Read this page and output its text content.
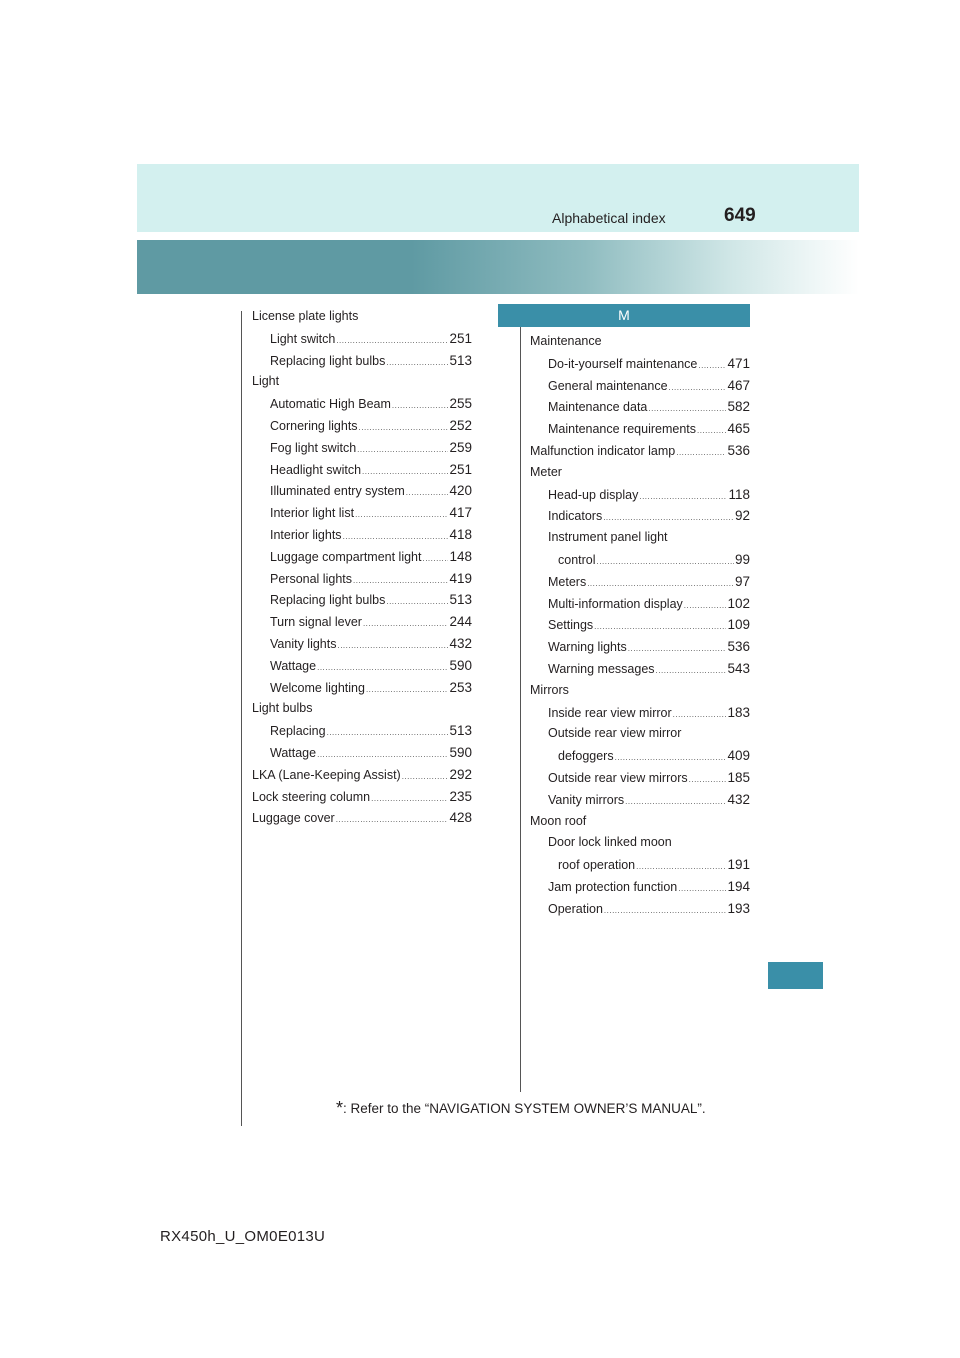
Alphabetical index	649
License plate lights
Light switch .....	251
Replacing light bulbs .....	513
Light
Automatic High Beam .....	255
Cornering lights .....	252
Fog light switch .....	259
Headlight switch .....	251
Illuminated entry system .....	420
Interior light list .....	417
Interior lights .....	418
Luggage compartment light ..... 148
Personal lights .....	419
Replacing light bulbs .....	513
Turn signal lever .....	244
Vanity lights .....	432
Wattage .....	590
Welcome lighting .....	253
Light bulbs
Replacing .....	513
Wattage .....	590
LKA (Lane-Keeping Assist) .....	292
Lock steering column .....	235
Luggage cover .....	428
M
Maintenance
Do-it-yourself maintenance ..... 471
General maintenance .....	467
Maintenance data .....	582
Maintenance requirements ..... 465
Malfunction indicator lamp .....	536
Meter
Head-up display .....	118
Indicators .....	92
Instrument panel light
control .....	99
Meters .....	97
Multi-information display .....	102
Settings .....	109
Warning lights .....	536
Warning messages .....	543
Mirrors
Inside rear view mirror .....	183
Outside rear view mirror
defoggers .....	409
Outside rear view mirrors .....	185
Vanity mirrors .....	432
Moon roof
Door lock linked moon
roof operation .....	191
Jam protection function .....	194
Operation .....	193
*: Refer to the “NAVIGATION SYSTEM OWNER’S MANUAL”.
RX450h_U_OM0E013U
